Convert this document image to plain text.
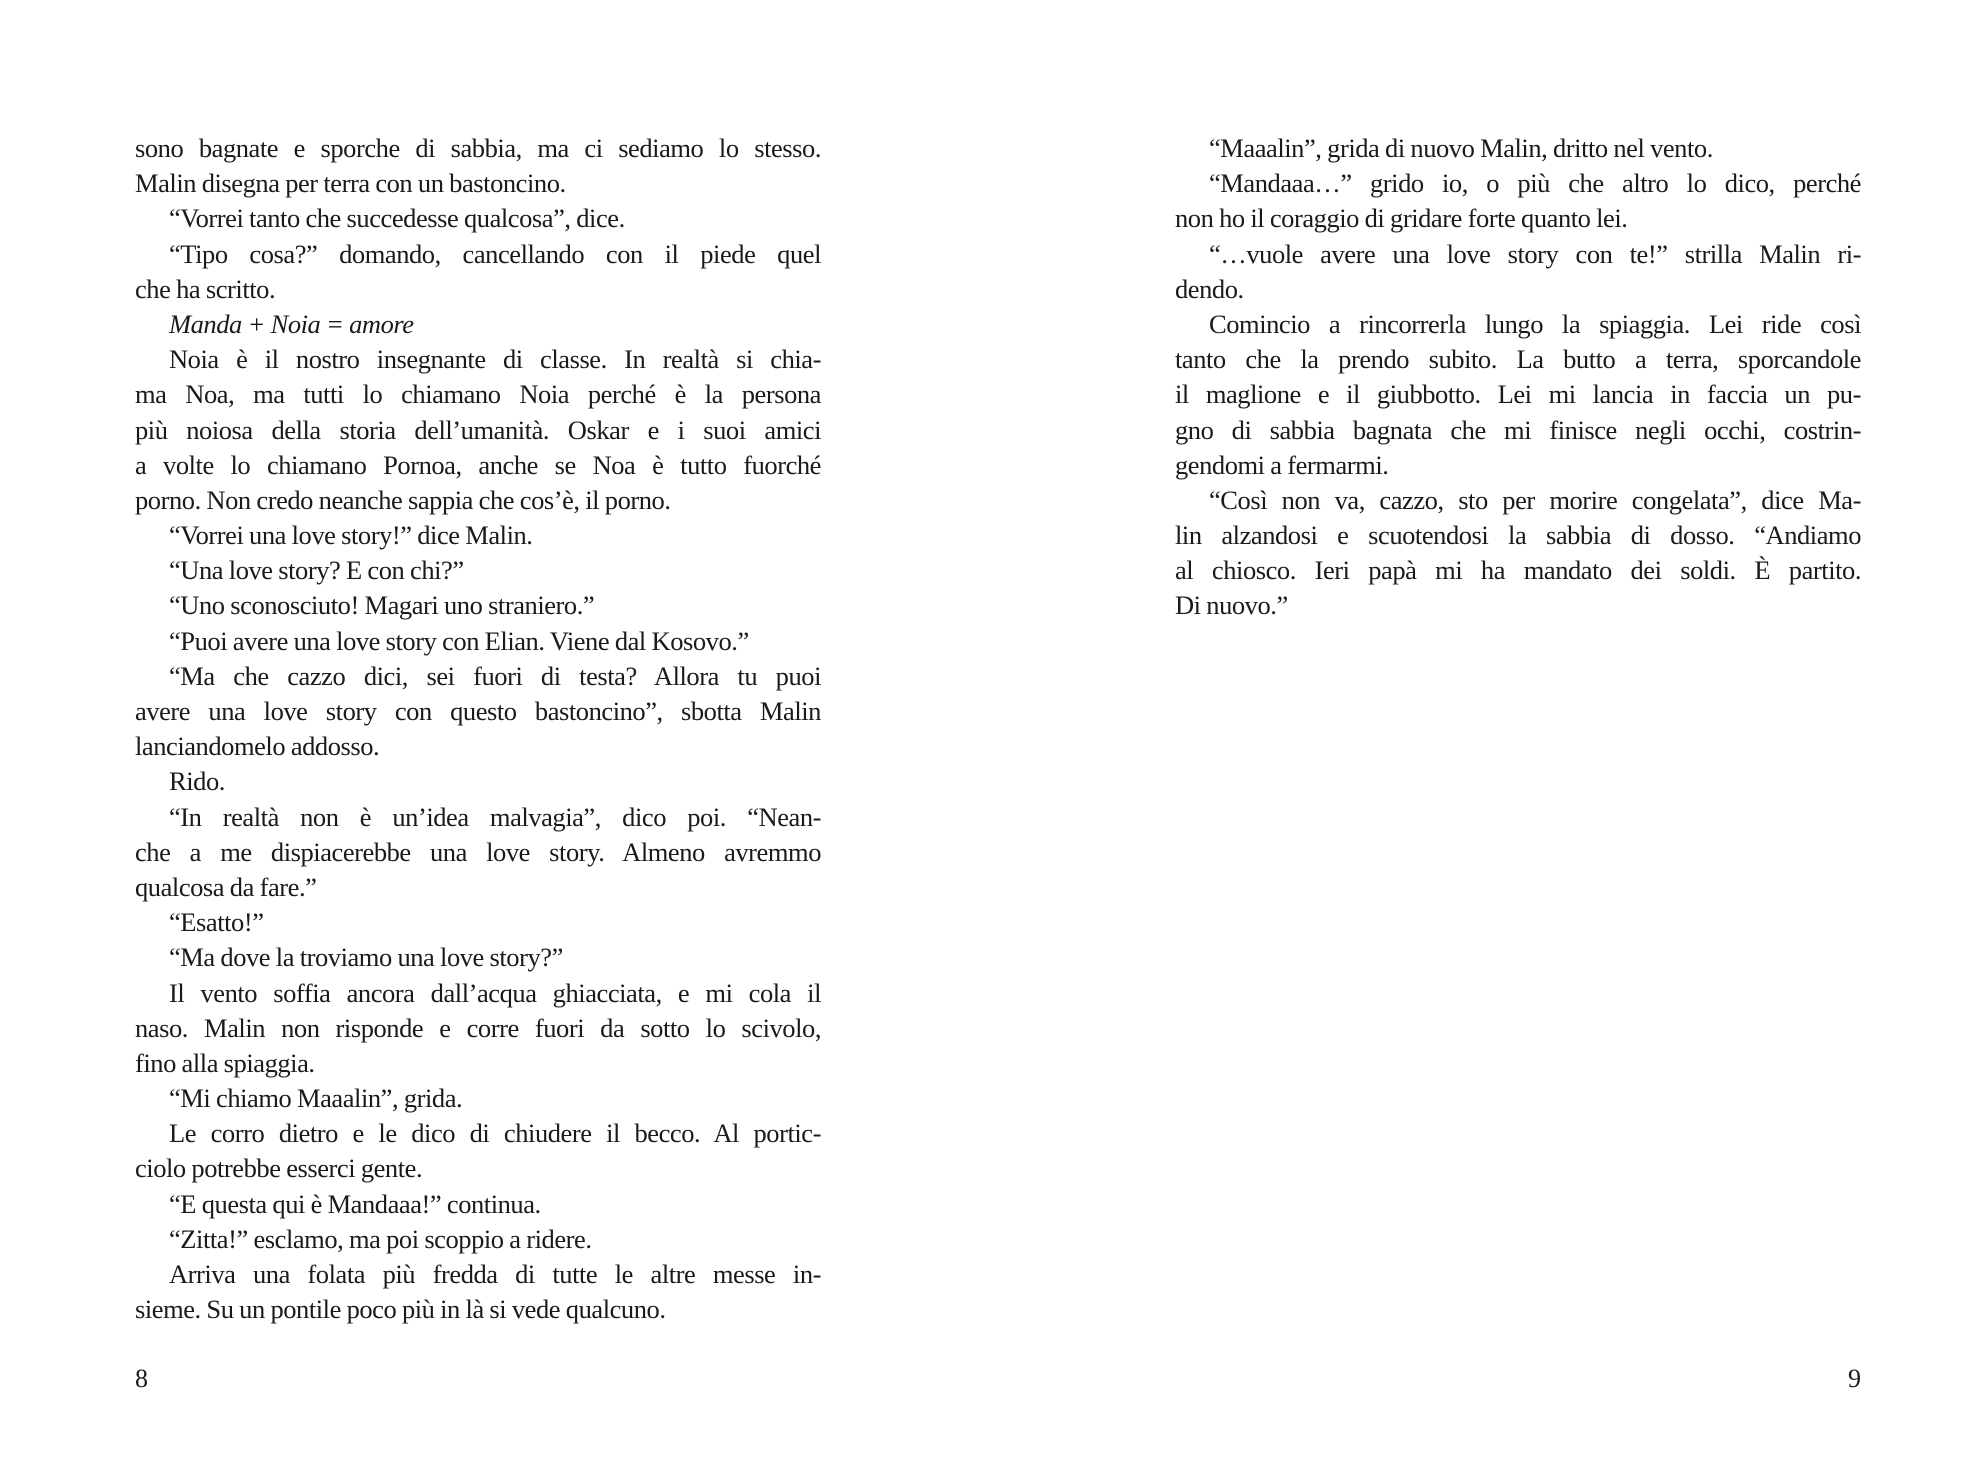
sono bagnate e sporche di sabbia, ma ci sediamo lo stesso.
Malin disegna per terra con un bastoncino.
“Vorrei tanto che succedesse qualcosa”, dice.
“Tipo cosa?” domando, cancellando con il piede quel
che ha scritto.
Manda + Noia = amore
Noia è il nostro insegnante di classe. In realtà si chia-
ma Noa, ma tutti lo chiamano Noia perché è la persona
più noiosa della storia dell’umanità. Oskar e i suoi amici
a volte lo chiamano Pornoa, anche se Noa è tutto fuorché
porno. Non credo neanche sappia che cos’è, il porno.
“Vorrei una love story!” dice Malin.
“Una love story? E con chi?”
“Uno sconosciuto! Magari uno straniero.”
“Puoi avere una love story con Elian. Viene dal Kosovo.”
“Ma che cazzo dici, sei fuori di testa? Allora tu puoi
avere una love story con questo bastoncino”, sbotta Malin
lanciandomelo addosso.
Rido.
“In realtà non è un’idea malvagia”, dico poi. “Nean-
che a me dispiacerebbe una love story. Almeno avremmo
qualcosa da fare.”
“Esatto!”
“Ma dove la troviamo una love story?”
Il vento soffia ancora dall’acqua ghiacciata, e mi cola il
naso. Malin non risponde e corre fuori da sotto lo scivolo,
fino alla spiaggia.
“Mi chiamo Maaalin”, grida.
Le corro dietro e le dico di chiudere il becco. Al portic-
ciolo potrebbe esserci gente.
“E questa qui è Mandaaa!” continua.
“Zitta!” esclamo, ma poi scoppio a ridere.
Arriva una folata più fredda di tutte le altre messe in-
sieme. Su un pontile poco più in là si vede qualcuno.
8
“Maaalin”, grida di nuovo Malin, dritto nel vento.
“Mandaaa…” grido io, o più che altro lo dico, perché
non ho il coraggio di gridare forte quanto lei.
“…vuole avere una love story con te!” strilla Malin ri-
dendo.
Comincio a rincorrerla lungo la spiaggia. Lei ride così
tanto che la prendo subito. La butto a terra, sporcandole
il maglione e il giubbotto. Lei mi lancia in faccia un pu-
gno di sabbia bagnata che mi finisce negli occhi, costrin-
gendomi a fermarmi.
“Così non va, cazzo, sto per morire congelata”, dice Ma-
lin alzandosi e scuotendosi la sabbia di dosso. “Andiamo
al chiosco. Ieri papà mi ha mandato dei soldi. È partito.
Di nuovo.”
9
